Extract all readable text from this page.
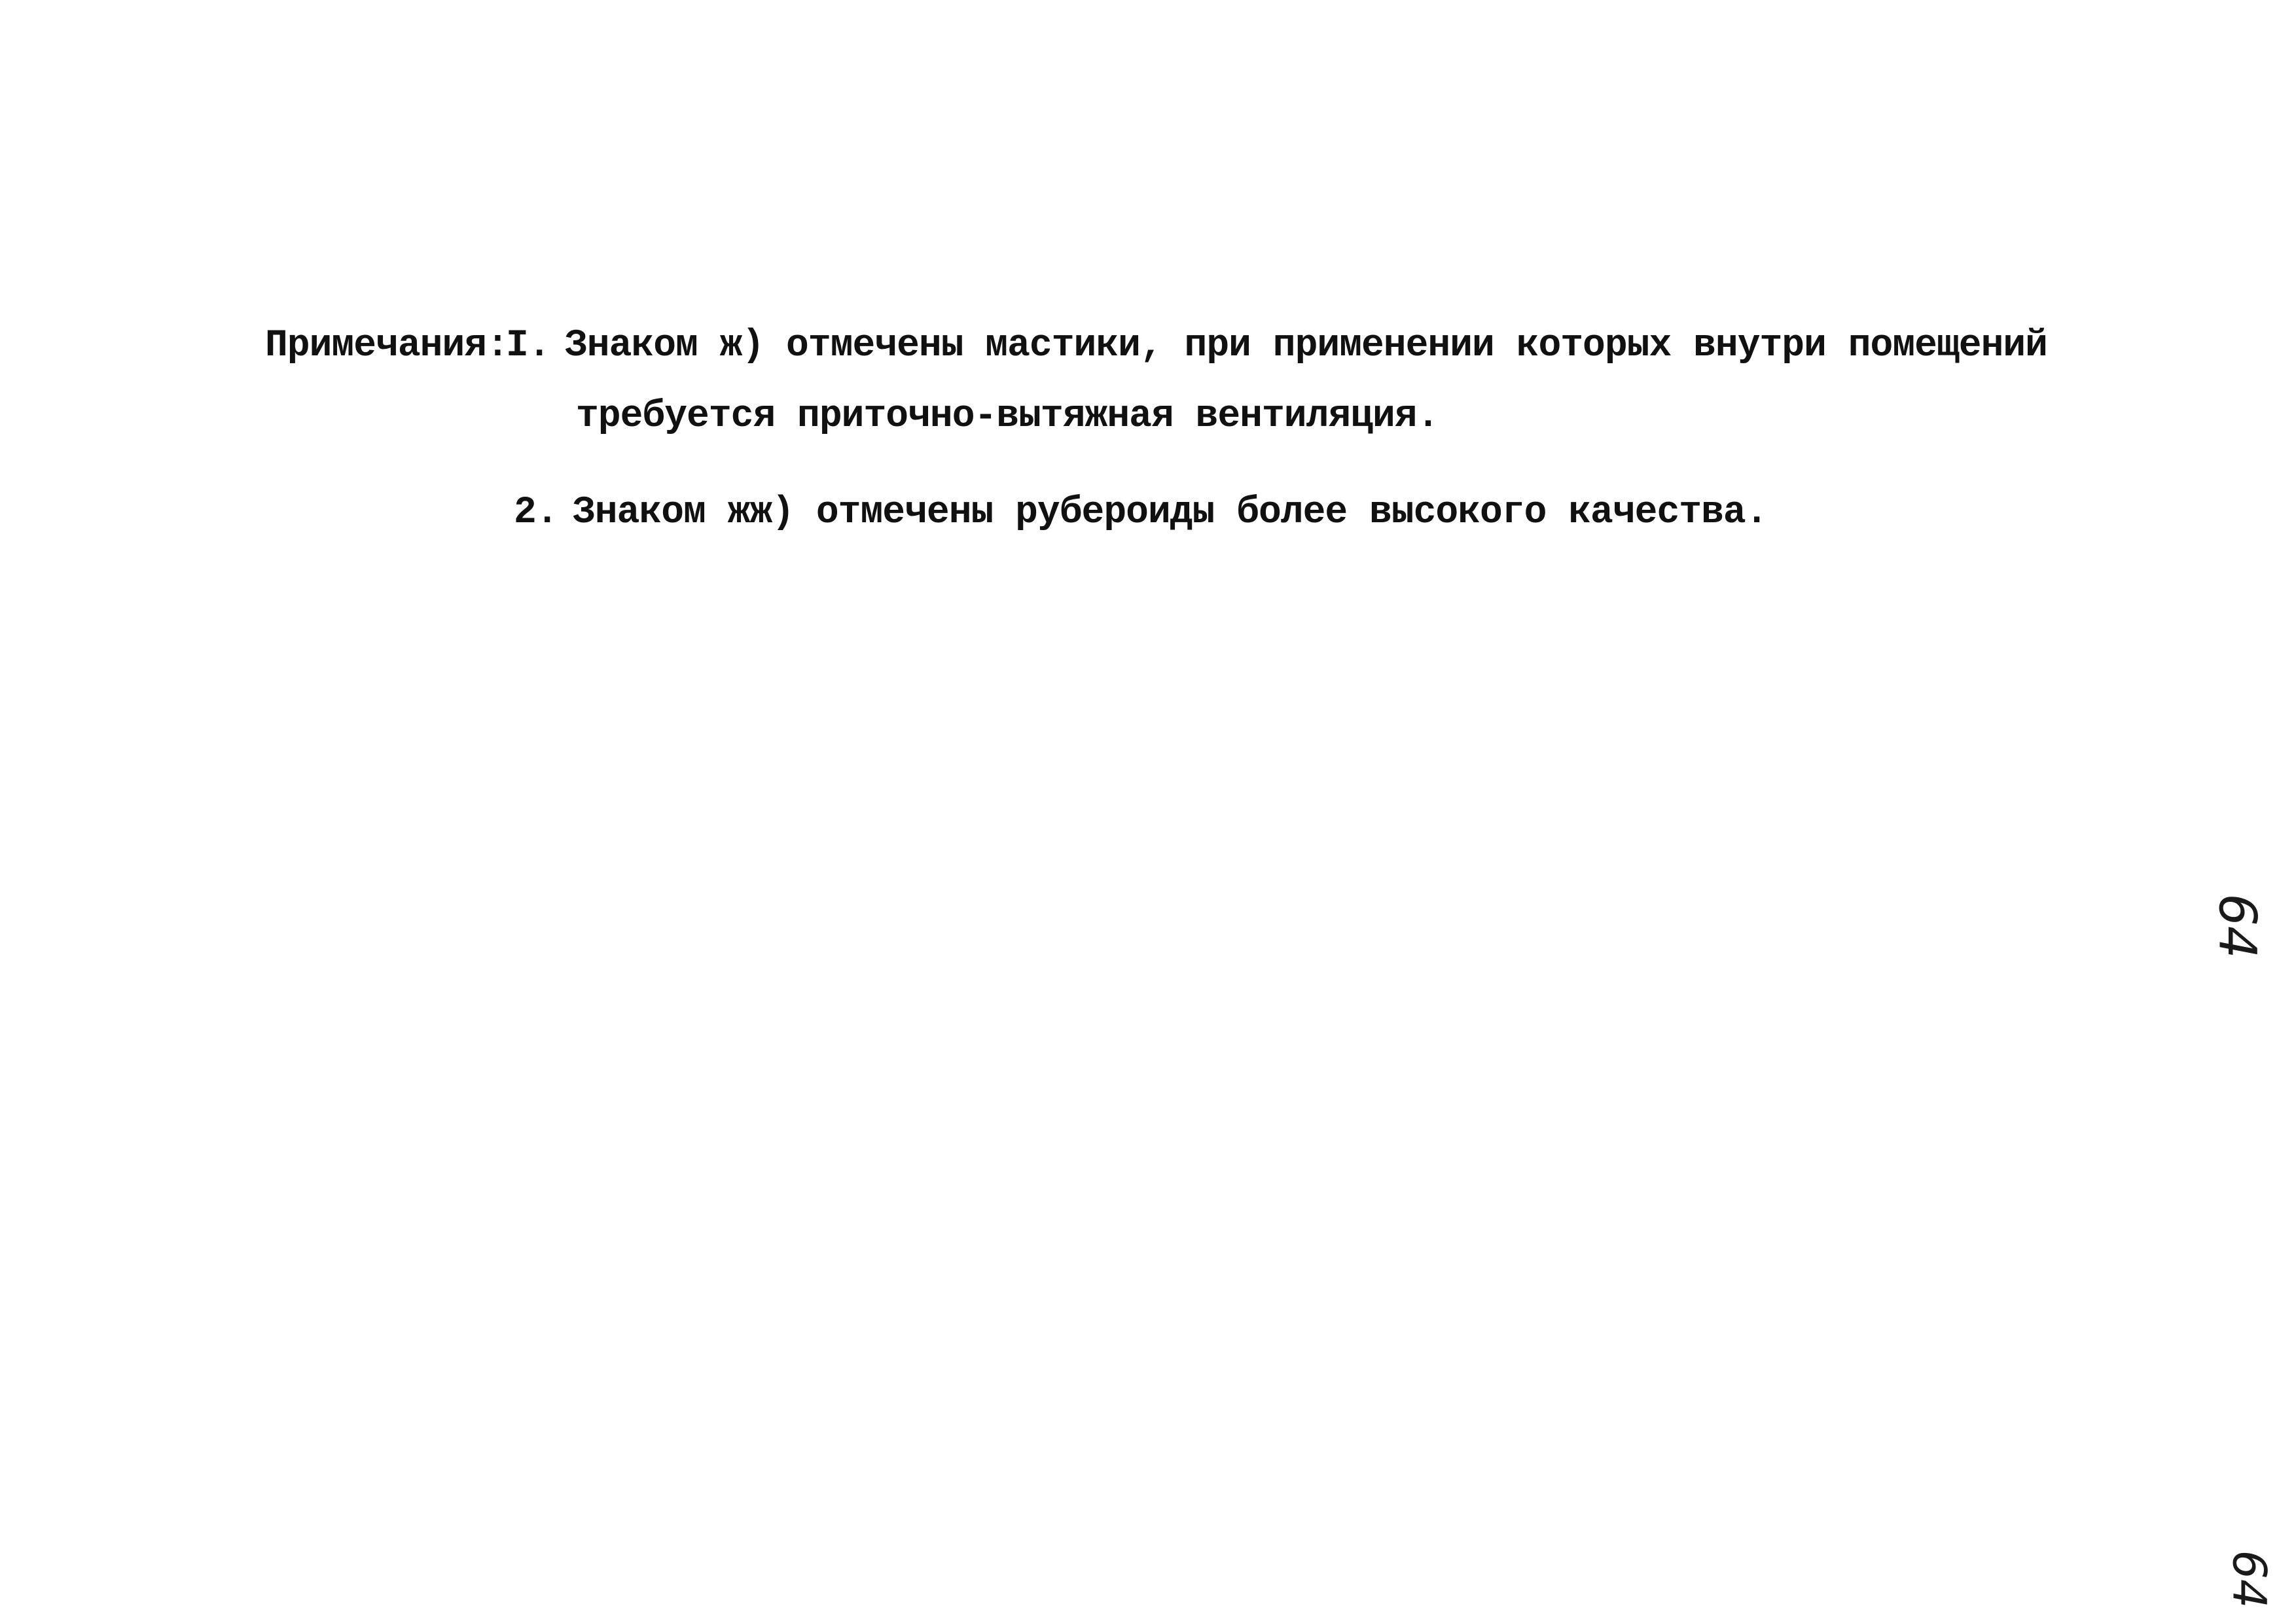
Примечания:
I. Знаком ж) отмечены мастики, при применении которых внутри помещений
требуется приточно-вытяжная вентиляция.
2. Знаком жж) отмечены рубероиды более высокого качества.
64
64
